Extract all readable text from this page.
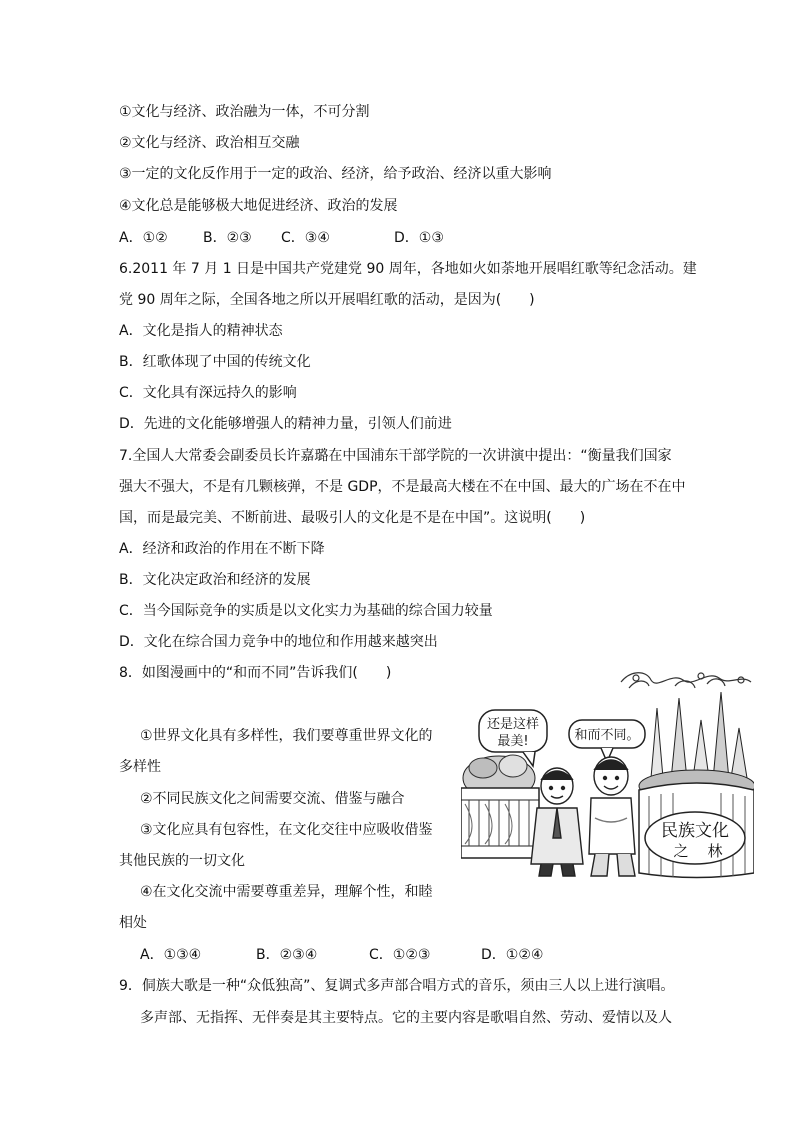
①文化与经济、政治融为一体，不可分割
②文化与经济、政治相互交融
③一定的文化反作用于一定的政治、经济，给予政治、经济以重大影响
④文化总是能够极大地促进经济、政治的发展
A．①②	B．②③ C．③④	D．①③
6.2011 年 7 月 1 日是中国共产党建党 90 周年，各地如火如荼地开展唱红歌等纪念活动。建
党 90 周年之际，全国各地之所以开展唱红歌的活动，是因为(　　)
A．文化是指人的精神状态
B．红歌体现了中国的传统文化
C．文化具有深远持久的影响
D．先进的文化能够增强人的精神力量，引领人们前进
7.全国人大常委会副委员长许嘉璐在中国浦东干部学院的一次讲演中提出：“衡量我们国家
强大不强大，不是有几颗核弹，不是 GDP，不是最高大楼在不在中国、最大的广场在不在中
国，而是最完美、不断前进、最吸引人的文化是不是在中国”。这说明(　　)
A．经济和政治的作用在不断下降
B．文化决定政治和经济的发展
C．当今国际竞争的实质是以文化实力为基础的综合国力较量
D．文化在综合国力竞争中的地位和作用越来越突出
8．如图漫画中的“和而不同”告诉我们(　　)
①世界文化具有多样性，我们要尊重世界文化的
多样性
②不同民族文化之间需要交流、借鉴与融合
③文化应具有包容性，在文化交往中应吸收借鉴
其他民族的一切文化
④在文化交流中需要尊重差异，理解个性，和睦
相处
A．①③④	B．②③④	C．①②③	D．①②④
民族文化
之 林
还是这样
最美!	和而不同。
9．侗族大歌是一种“众低独高”、复调式多声部合唱方式的音乐，须由三人以上进行演唱。
多声部、无指挥、无伴奏是其主要特点。它的主要内容是歌唱自然、劳动、爱情以及人
